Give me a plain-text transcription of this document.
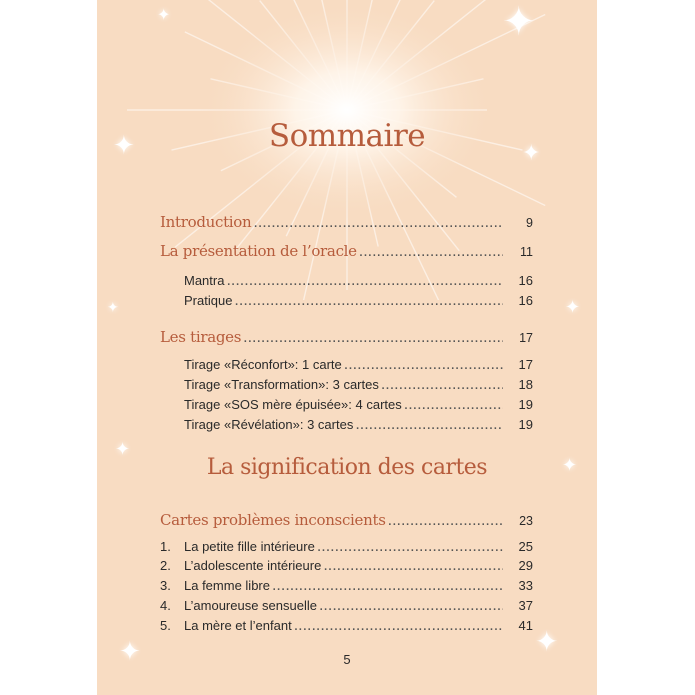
✦
✦
✦	✦
✦
✦
✦
✦
✦	✦
Sommaire
Introduction .....	9
La présentation de l’oracle .....	11
Mantra .....	16
Pratique .....	16
Les tirages .....	17
Tirage «Réconfort»: 1 carte .....	17
Tirage «Transformation»: 3 cartes .....	18
Tirage «SOS mère épuisée»: 4 cartes .....	19
Tirage «Révélation»: 3 cartes .....	19
La signification des cartes
Cartes problèmes inconscients .....	23
1. La petite fille intérieure .....	25
2. L’adolescente intérieure .....	29
3. La femme libre .....	33
4. L’amoureuse sensuelle .....	37
5. La mère et l’enfant .....	41
5
